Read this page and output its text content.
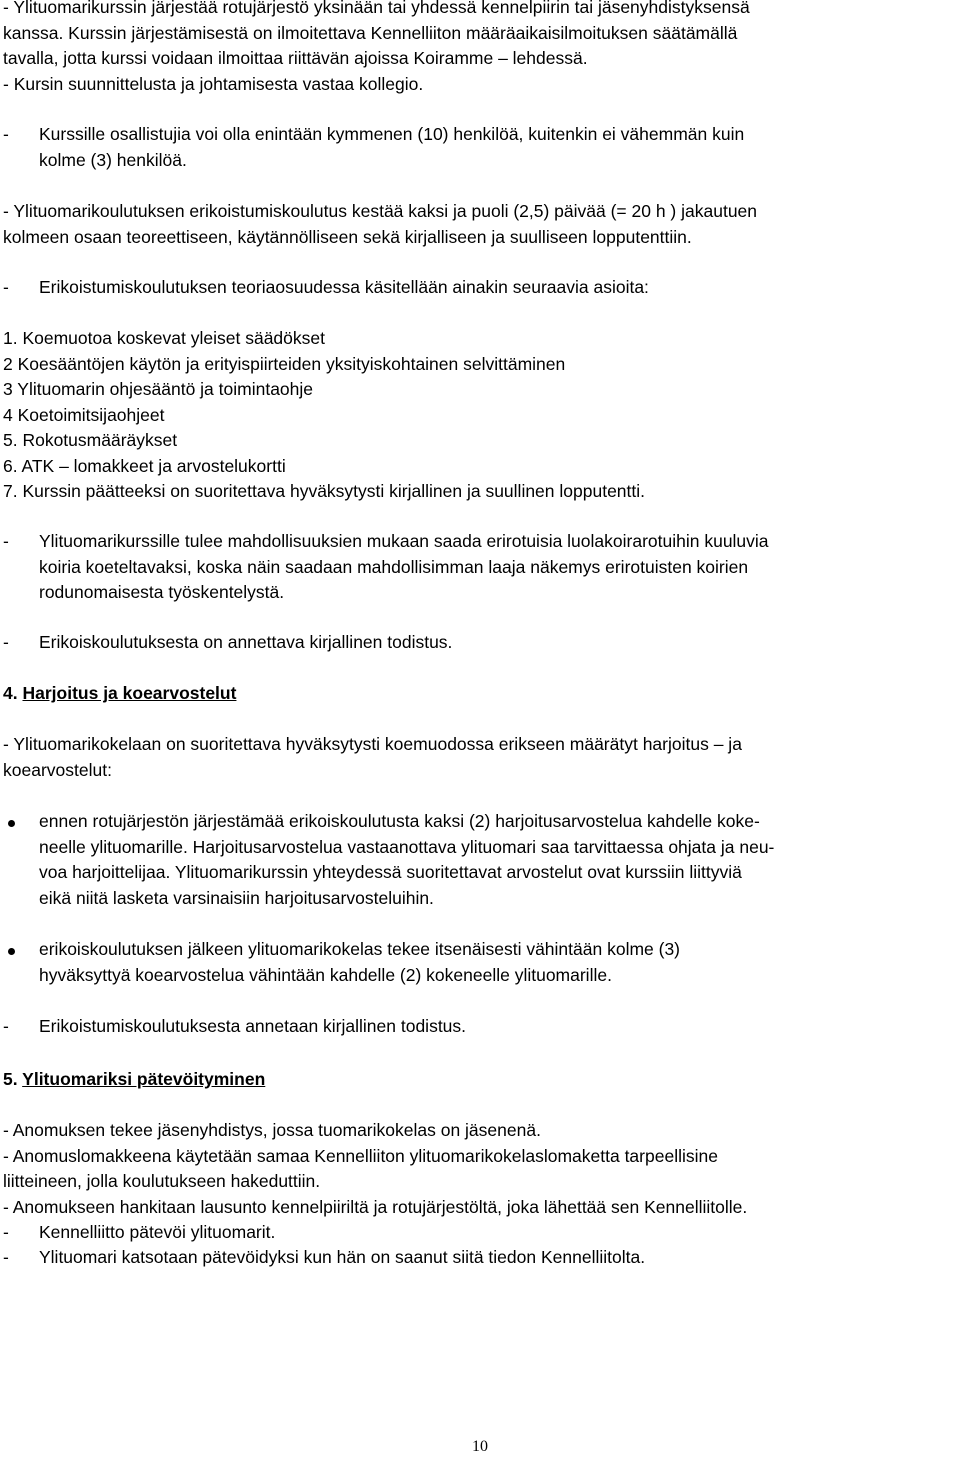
- Ylituomarikurssin järjestää rotujärjestö yksinään tai yhdessä kennelpiirin tai jäsenyhdistyksensä
kanssa. Kurssin järjestämisestä on ilmoitettava Kennelliiton määräaikaisilmoituksen säätämällä
tavalla, jotta kurssi voidaan ilmoittaa riittävän ajoissa Koiramme – lehdessä.
- Kursin suunnittelusta ja johtamisesta vastaa kollegio.
-	Kurssille osallistujia voi olla enintään kymmenen (10) henkilöä, kuitenkin ei vähemmän kuin
kolme (3) henkilöä.
- Ylituomarikoulutuksen erikoistumiskoulutus kestää kaksi ja puoli (2,5) päivää (= 20 h ) jakautuen
kolmeen osaan teoreettiseen, käytännölliseen sekä kirjalliseen ja suulliseen lopputenttiin.
-	Erikoistumiskoulutuksen teoriaosuudessa käsitellään ainakin seuraavia asioita:
1. Koemuotoa koskevat yleiset säädökset
2 Koesääntöjen käytön ja erityispiirteiden yksityiskohtainen selvittäminen
3 Ylituomarin ohjesääntö ja toimintaohje
4 Koetoimitsijaohjeet
5. Rokotusmääräykset
6. ATK – lomakkeet ja arvostelukortti
7. Kurssin päätteeksi on suoritettava hyväksytysti kirjallinen ja suullinen lopputentti.
-	Ylituomarikurssille tulee mahdollisuuksien mukaan saada erirotuisia luolakoirarotuihin kuuluvia
koiria koeteltavaksi, koska näin saadaan mahdollisimman laaja näkemys erirotuisten koirien
rodunomaisesta työskentelystä.
-	Erikoiskoulutuksesta on annettava kirjallinen todistus.
4. Harjoitus ja koearvostelut
- Ylituomarikokelaan on suoritettava hyväksytysti koemuodossa erikseen määrätyt harjoitus – ja
koearvostelut:
ennen rotujärjestön järjestämää erikoiskoulutusta kaksi (2) harjoitusarvostelua kahdelle koke-
neelle ylituomarille. Harjoitusarvostelua vastaanottava ylituomari saa tarvittaessa ohjata ja neu-
voa harjoittelijaa. Ylituomarikurssin yhteydessä suoritettavat arvostelut ovat kurssiin liittyviä
eikä niitä lasketa varsinaisiin harjoitusarvosteluihin.
erikoiskoulutuksen jälkeen ylituomarikokelas tekee itsenäisesti vähintään kolme (3)
hyväksyttyä koearvostelua vähintään kahdelle (2) kokeneelle ylituomarille.
-	Erikoistumiskoulutuksesta annetaan kirjallinen todistus.
5. Ylituomariksi pätevöityminen
- Anomuksen tekee jäsenyhdistys, jossa tuomarikokelas on jäsenenä.
- Anomuslomakkeena käytetään samaa Kennelliiton ylituomarikokelaslomaketta tarpeellisine
liitteineen, jolla koulutukseen hakeduttiin.
- Anomukseen hankitaan lausunto kennelpiiriltä ja rotujärjestöltä, joka lähettää sen Kennelliitolle.
-	Kennelliitto pätevöi ylituomarit.
-	Ylituomari katsotaan pätevöidyksi kun hän on saanut siitä tiedon Kennelliitolta.
10
